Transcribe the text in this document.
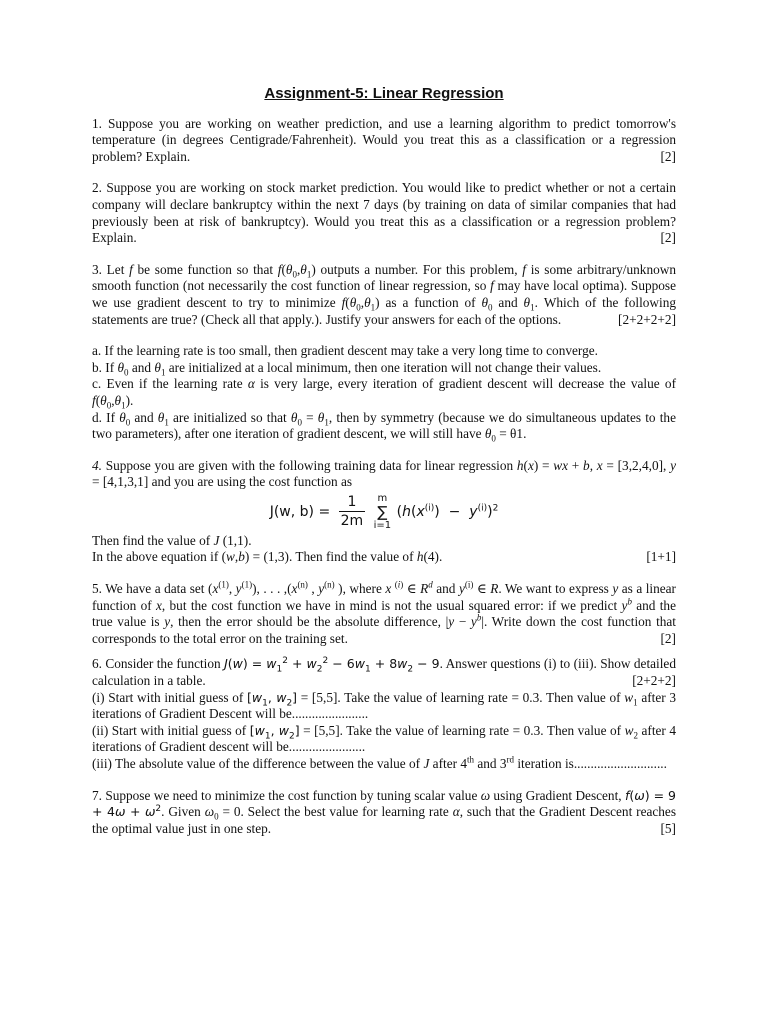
Assignment-5: Linear Regression

1. Suppose you are working on weather prediction, and use a learning algorithm to predict tomorrow's temperature (in degrees Centigrade/Fahrenheit). Would you treat this as a classification or a regression problem? Explain.	[2]

2. Suppose you are working on stock market prediction. You would like to predict whether or not a certain company will declare bankruptcy within the next 7 days (by training on data of similar companies that had previously been at risk of bankruptcy). Would you treat this as a classification or a regression problem? Explain.	[2]

3. Let f be some function so that $f(\theta_0,\theta_1)$ outputs a number. For this problem, f is some arbitrary/unknown smooth function (not necessarily the cost function of linear regression, so f may have local optima). Suppose we use gradient descent to try to minimize $f(\theta_0,\theta_1)$ as a function of $\theta_0$ and $\theta_1$. Which of the following statements are true? (Check all that apply.). Justify your answers for each of the options.	[2+2+2+2]

a. If the learning rate is too small, then gradient descent may take a very long time to converge.

b. If $\theta_0$ and $\theta_1$ are initialized at a local minimum, then one iteration will not change their values.

c. Even if the learning rate α is very large, every iteration of gradient descent will decrease the value of $f(\theta_0,\theta_1)$.

d. If $\theta_0$ and $\theta_1$ are initialized so that $\theta_0 = \theta_1$, then by symmetry (because we do simultaneous updates to the two parameters), after one iteration of gradient descent, we will still have $\theta_0 = \theta 1$.

4. Suppose you are given with the following training data for linear regression h(x) = wx + b, x = [3,2,4,0], y = [4,1,3,1] and you are using the cost function as

J(w, $b) = \frac{1}{2m}$ m
∑
i=1 $(h(x^{(i)}) - y^{(i)})^2$

Then find the value of J (1,1).

In the above equation if (w,b) = (1,3). Then find the value of h(4).	[1+1]

5. We have a data set ($x^{(1)}$, $y^{(1)}$), . . . $,(x^{(n)}$ , $y^{(n)}$ ), where x $^{(i)}$ ∈ $R^d$ and $y^{(i)}$ ∈ R. We want to express y as a linear function of x, but the cost function we have in mind is not the usual squared error: if we predict $y^b$ and the true value is y, then the error should be the absolute difference, $|y - y^b|$. Write down the cost function that corresponds to the total error on the training set.	[2]

6. Consider the function $J(w) = w_1^2 + w_2^2 - 6w_1 + 8w_2 - 9$. Answer questions (i) to (iii). Show detailed calculation in a table.	[2+2+2]

(i) Start with initial guess of [$w_1$, $w_2] = [5,5]$. Take the value of learning rate = 0.3. Then value of $w_1$ after 3 iterations of Gradient Descent will be.......................

(ii) Start with initial guess of [$w_1$, $w_2] = [5,5]$. Take the value of learning rate = 0.3. Then value of $w_2$ after 4 iterations of Gradient descent will be.......................

(iii) The absolute value of the difference between the value of J after 4th and 3rd iteration is............................

7. Suppose we need to minimize the cost function by tuning scalar value ω using Gradient Descent, $f(\omega) = 9 + 4\omega + \omega^2$. Given $\omega_0 = 0$. Select the best value for learning rate α, such that the Gradient Descent reaches the optimal value just in one step.	[5]
